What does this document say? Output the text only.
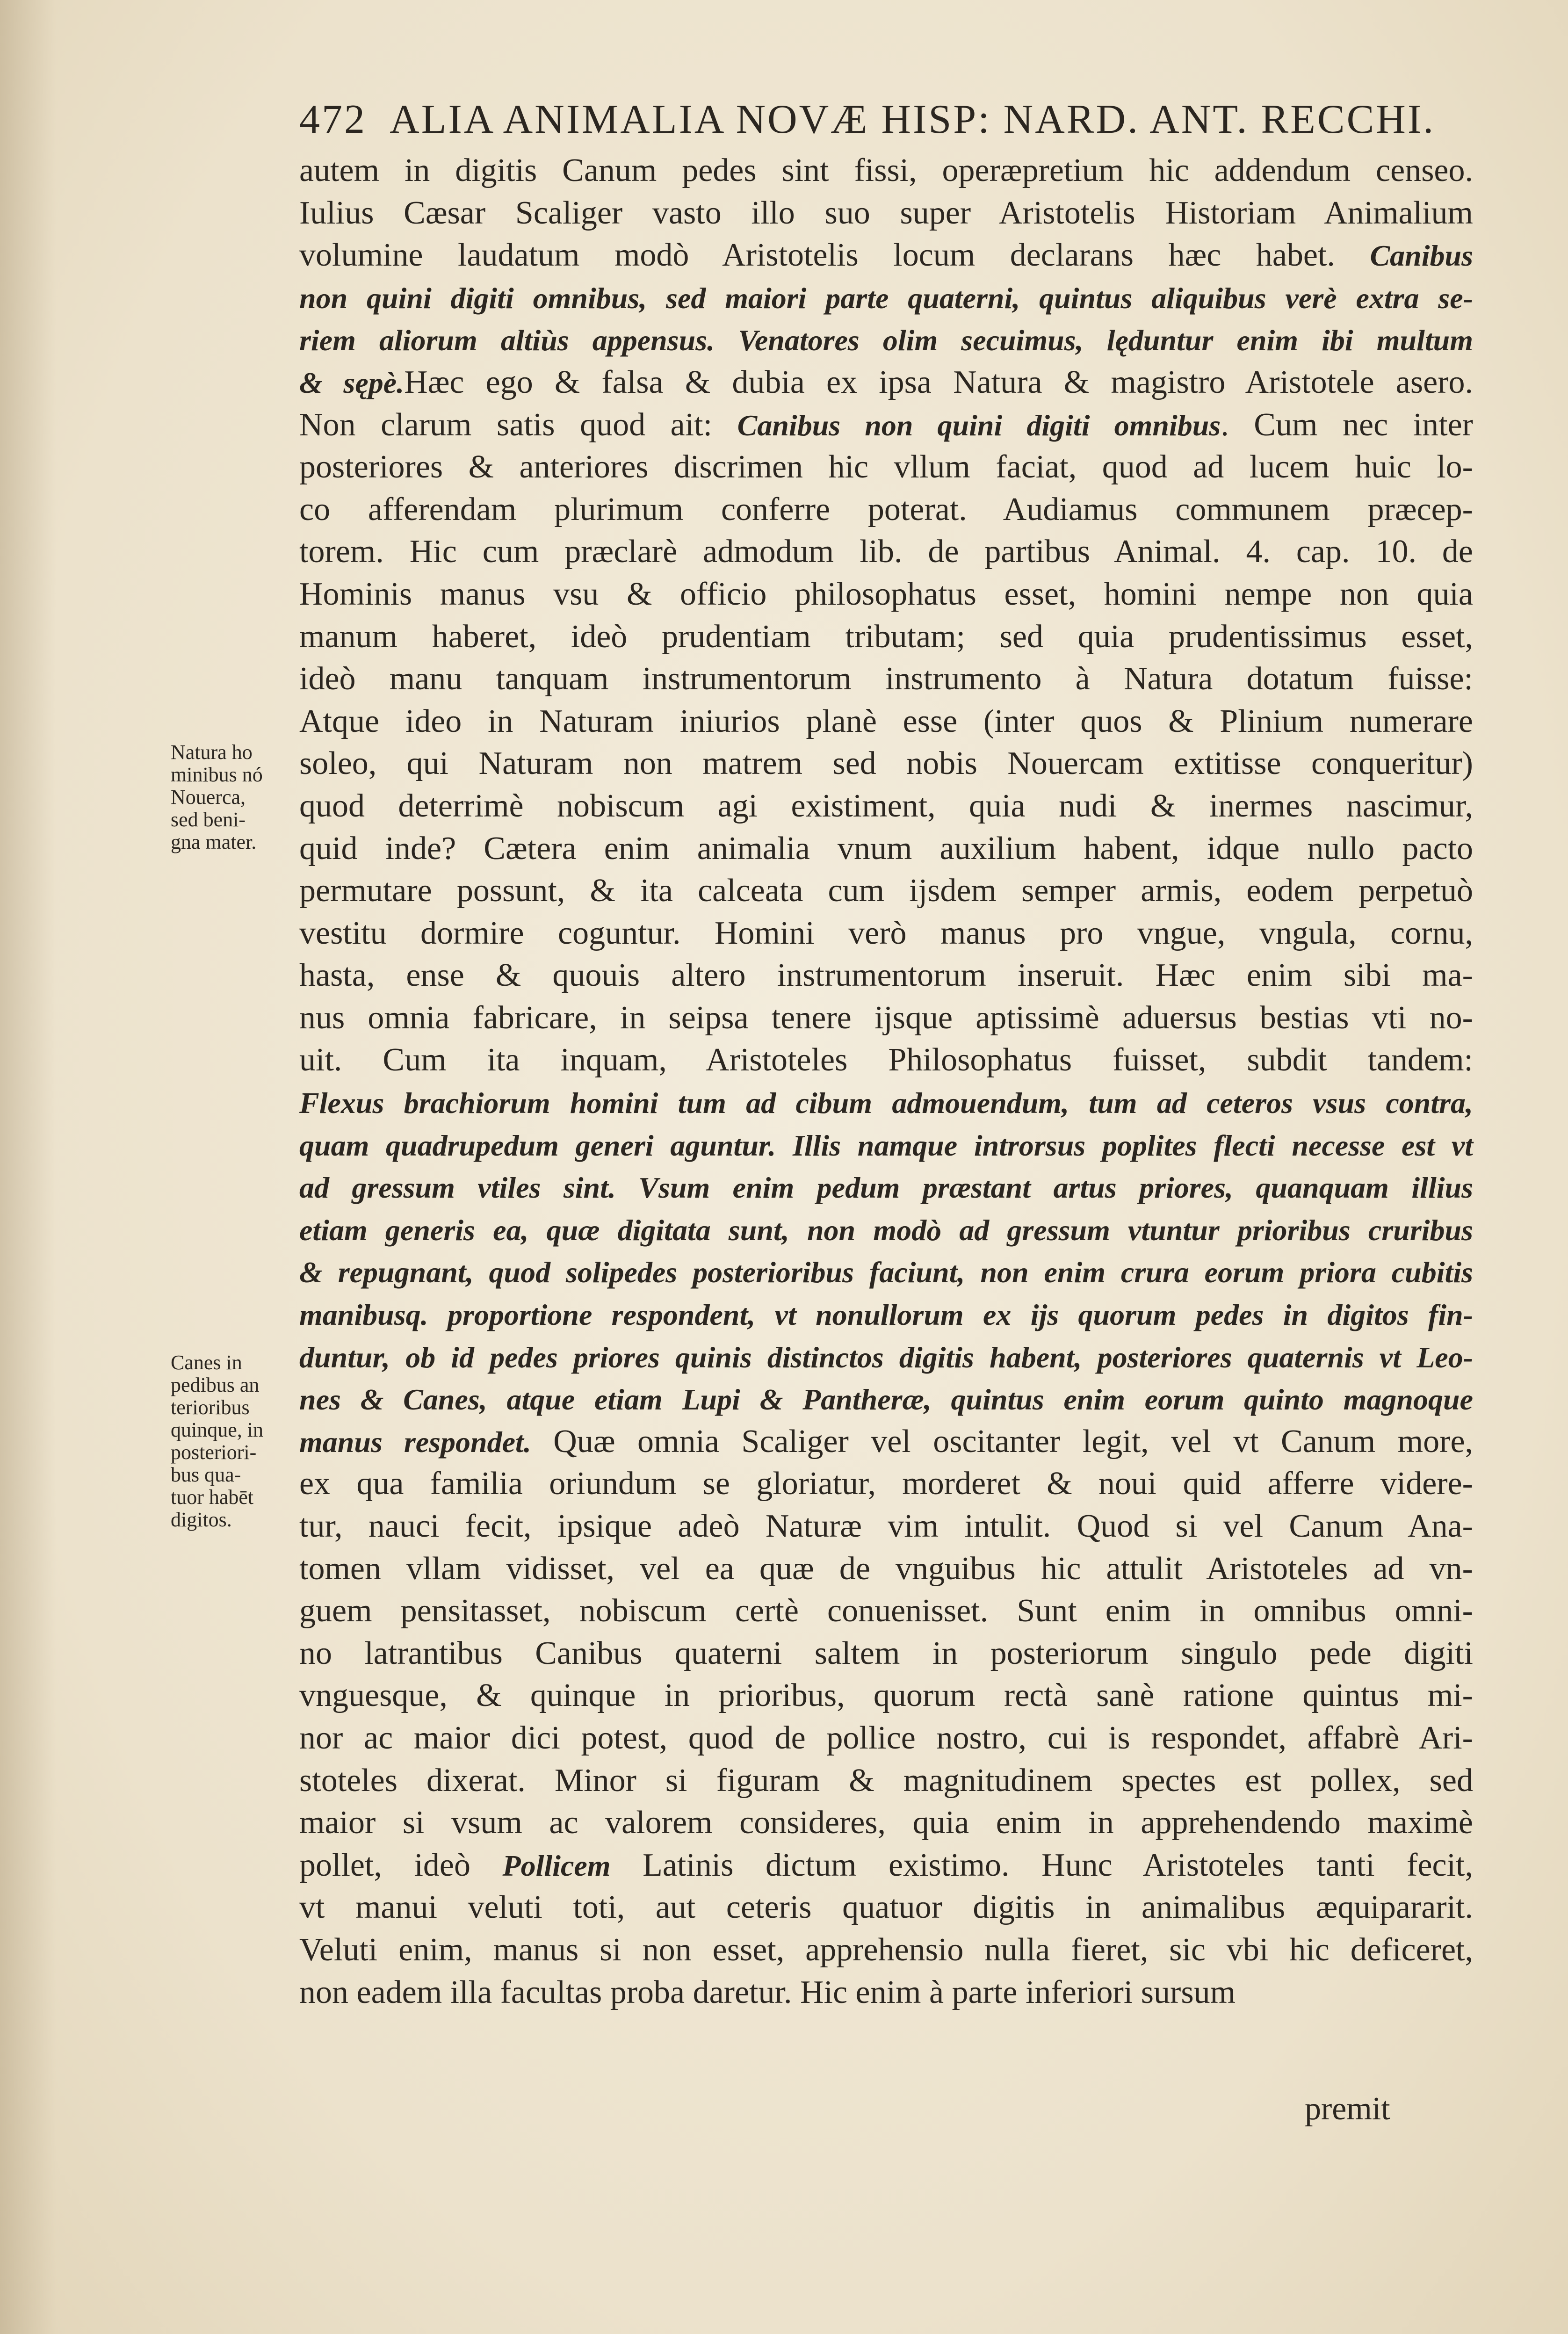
472 ALIA ANIMALIA NOVÆ HISP: NARD. ANT. RECCHI.
Natura ho
minibus nó
Nouerca,
sed beni-
gna mater.
Canes in
pedibus an
terioribus
quinque, in
posteriori-
bus qua-
tuor habēt
digitos.
autem in digitis Canum pedes sint fissi, operæpretium hic addendum censeo.
Iulius Cæsar Scaliger vasto illo suo super Aristotelis Historiam Animalium
volumine laudatum modò Aristotelis locum declarans hæc habet. Canibus
non quini digiti omnibus, sed maiori parte quaterni, quintus aliquibus verè extra se-
riem aliorum altiùs appensus. Venatores olim secuimus, lęduntur enim ibi multum
& sępè.Hæc ego & falsa & dubia ex ipsa Natura & magistro Aristotele asero.
Non clarum satis quod ait: Canibus non quini digiti omnibus. Cum nec inter
posteriores & anteriores discrimen hic vllum faciat, quod ad lucem huic lo-
co afferendam plurimum conferre poterat. Audiamus communem præcep-
torem. Hic cum præclarè admodum lib. de partibus Animal. 4. cap. 10. de
Hominis manus vsu & officio philosophatus esset, homini nempe non quia
manum haberet, ideò prudentiam tributam; sed quia prudentissimus esset,
ideò manu tanquam instrumentorum instrumento à Natura dotatum fuisse:
Atque ideo in Naturam iniurios planè esse (inter quos & Plinium numerare
soleo, qui Naturam non matrem sed nobis Nouercam extitisse conqueritur)
quod deterrimè nobiscum agi existiment, quia nudi & inermes nascimur,
quid inde? Cætera enim animalia vnum auxilium habent, idque nullo pacto
permutare possunt, & ita calceata cum ijsdem semper armis, eodem perpetuò
vestitu dormire coguntur. Homini verò manus pro vngue, vngula, cornu,
hasta, ense & quouis altero instrumentorum inseruit. Hæc enim sibi ma-
nus omnia fabricare, in seipsa tenere ijsque aptissimè aduersus bestias vti no-
uit. Cum ita inquam, Aristoteles Philosophatus fuisset, subdit tandem:
Flexus brachiorum homini tum ad cibum admouendum, tum ad ceteros vsus contra,
quam quadrupedum generi aguntur. Illis namque introrsus poplites flecti necesse est vt
ad gressum vtiles sint. Vsum enim pedum præstant artus priores, quanquam illius
etiam generis ea, quæ digitata sunt, non modò ad gressum vtuntur prioribus cruribus
& repugnant, quod solipedes posterioribus faciunt, non enim crura eorum priora cubitis
manibusq. proportione respondent, vt nonullorum ex ijs quorum pedes in digitos fin-
duntur, ob id pedes priores quinis distinctos digitis habent, posteriores quaternis vt Leo-
nes & Canes, atque etiam Lupi & Pantheræ, quintus enim eorum quinto magnoque
manus respondet. Quæ omnia Scaliger vel oscitanter legit, vel vt Canum more,
ex qua familia oriundum se gloriatur, morderet & noui quid afferre videre-
tur, nauci fecit, ipsique adeò Naturæ vim intulit. Quod si vel Canum Ana-
tomen vllam vidisset, vel ea quæ de vnguibus hic attulit Aristoteles ad vn-
guem pensitasset, nobiscum certè conuenisset. Sunt enim in omnibus omni-
no latrantibus Canibus quaterni saltem in posteriorum singulo pede digiti
vnguesque, & quinque in prioribus, quorum rectà sanè ratione quintus mi-
nor ac maior dici potest, quod de pollice nostro, cui is respondet, affabrè Ari-
stoteles dixerat. Minor si figuram & magnitudinem spectes est pollex, sed
maior si vsum ac valorem consideres, quia enim in apprehendendo maximè
pollet, ideò Pollicem Latinis dictum existimo. Hunc Aristoteles tanti fecit,
vt manui veluti toti, aut ceteris quatuor digitis in animalibus æquipararit.
Veluti enim, manus si non esset, apprehensio nulla fieret, sic vbi hic deficeret,
non eadem illa facultas proba daretur. Hic enim à parte inferiori sursum
premit
